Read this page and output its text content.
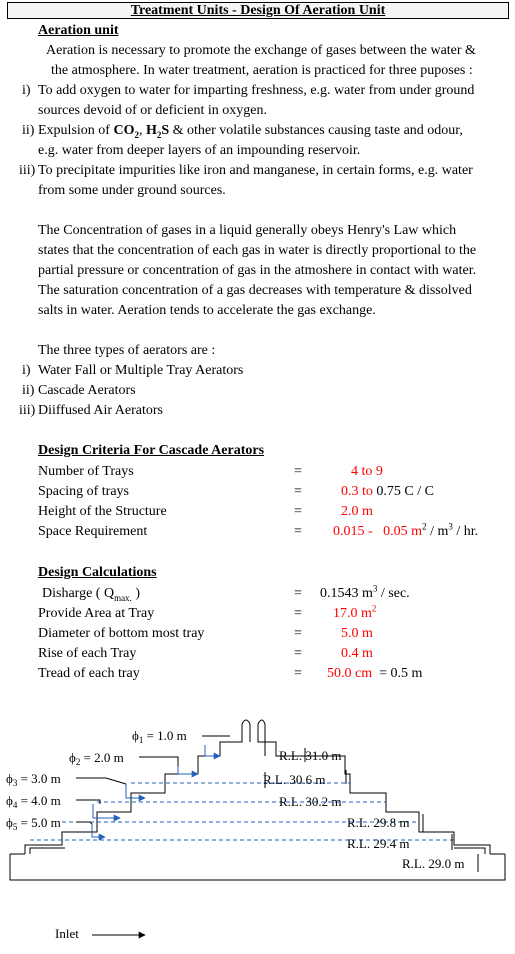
Treatment Units - Design Of Aeration Unit
Aeration unit
Aeration is necessary to promote the exchange of gases between the water &
the atmosphere. In water treatment, aeration is practiced for three puposes :
i) To add oxygen to water for imparting freshness, e.g. water from under ground
sources devoid of or deficient in oxygen.
ii) Expulsion of $CO_2$, $H_2S$ & other volatile substances causing taste and odour,
e.g. water from deeper layers of an impounding reservoir.
iii) To precipitate impurities like iron and manganese, in certain forms, e.g. water
from some under ground sources.
The Concentration of gases in a liquid generally obeys Henry's Law which
states that the concentration of each gas in water is directly proportional to the
partial pressure or concentration of gas in the atmoshere in contact with water.
The saturation concentration of a gas decreases with temperature & dissolved
salts in water. Aeration tends to accelerate the gas exchange.
The three types of aerators are :
i) Water Fall or Multiple Tray Aerators
ii) Cascade Aerators
iii) Diiffused Air Aerators
Design Criteria For Cascade Aerators
Number of Trays	=	4 to 9
Spacing of trays	=	0.3 to 0.75 C / C
Height of the Structure	=	2.0 m
Space Requirement	= 0.015 - 0.05 $m^2 / m^3$ / hr.
Design Calculations
Disharge ( $Q_{max.}$ )	= 0.1543 $m^3$ / sec.
Provide Area at Tray	= 17.0 $m^2$
Diameter of bottom most tray	=	5.0 m
Rise of each Tray	=	0.4 m
Tread of each tray	= 50.0 cm = 0.5 m
$\phi_1 = 1.0$ m
$\phi_2 = 2.0$ m
$\phi_3 = 3.0$ m
$\phi_4 = 4.0$ m
$\phi_5 = 5.0$ m
R.L. 31.0 m
R.L. 30.6 m
R.L. 30.2 m
R.L. 29.8 m
R.L. 29.4 m
R.L. 29.0 m
Inlet
